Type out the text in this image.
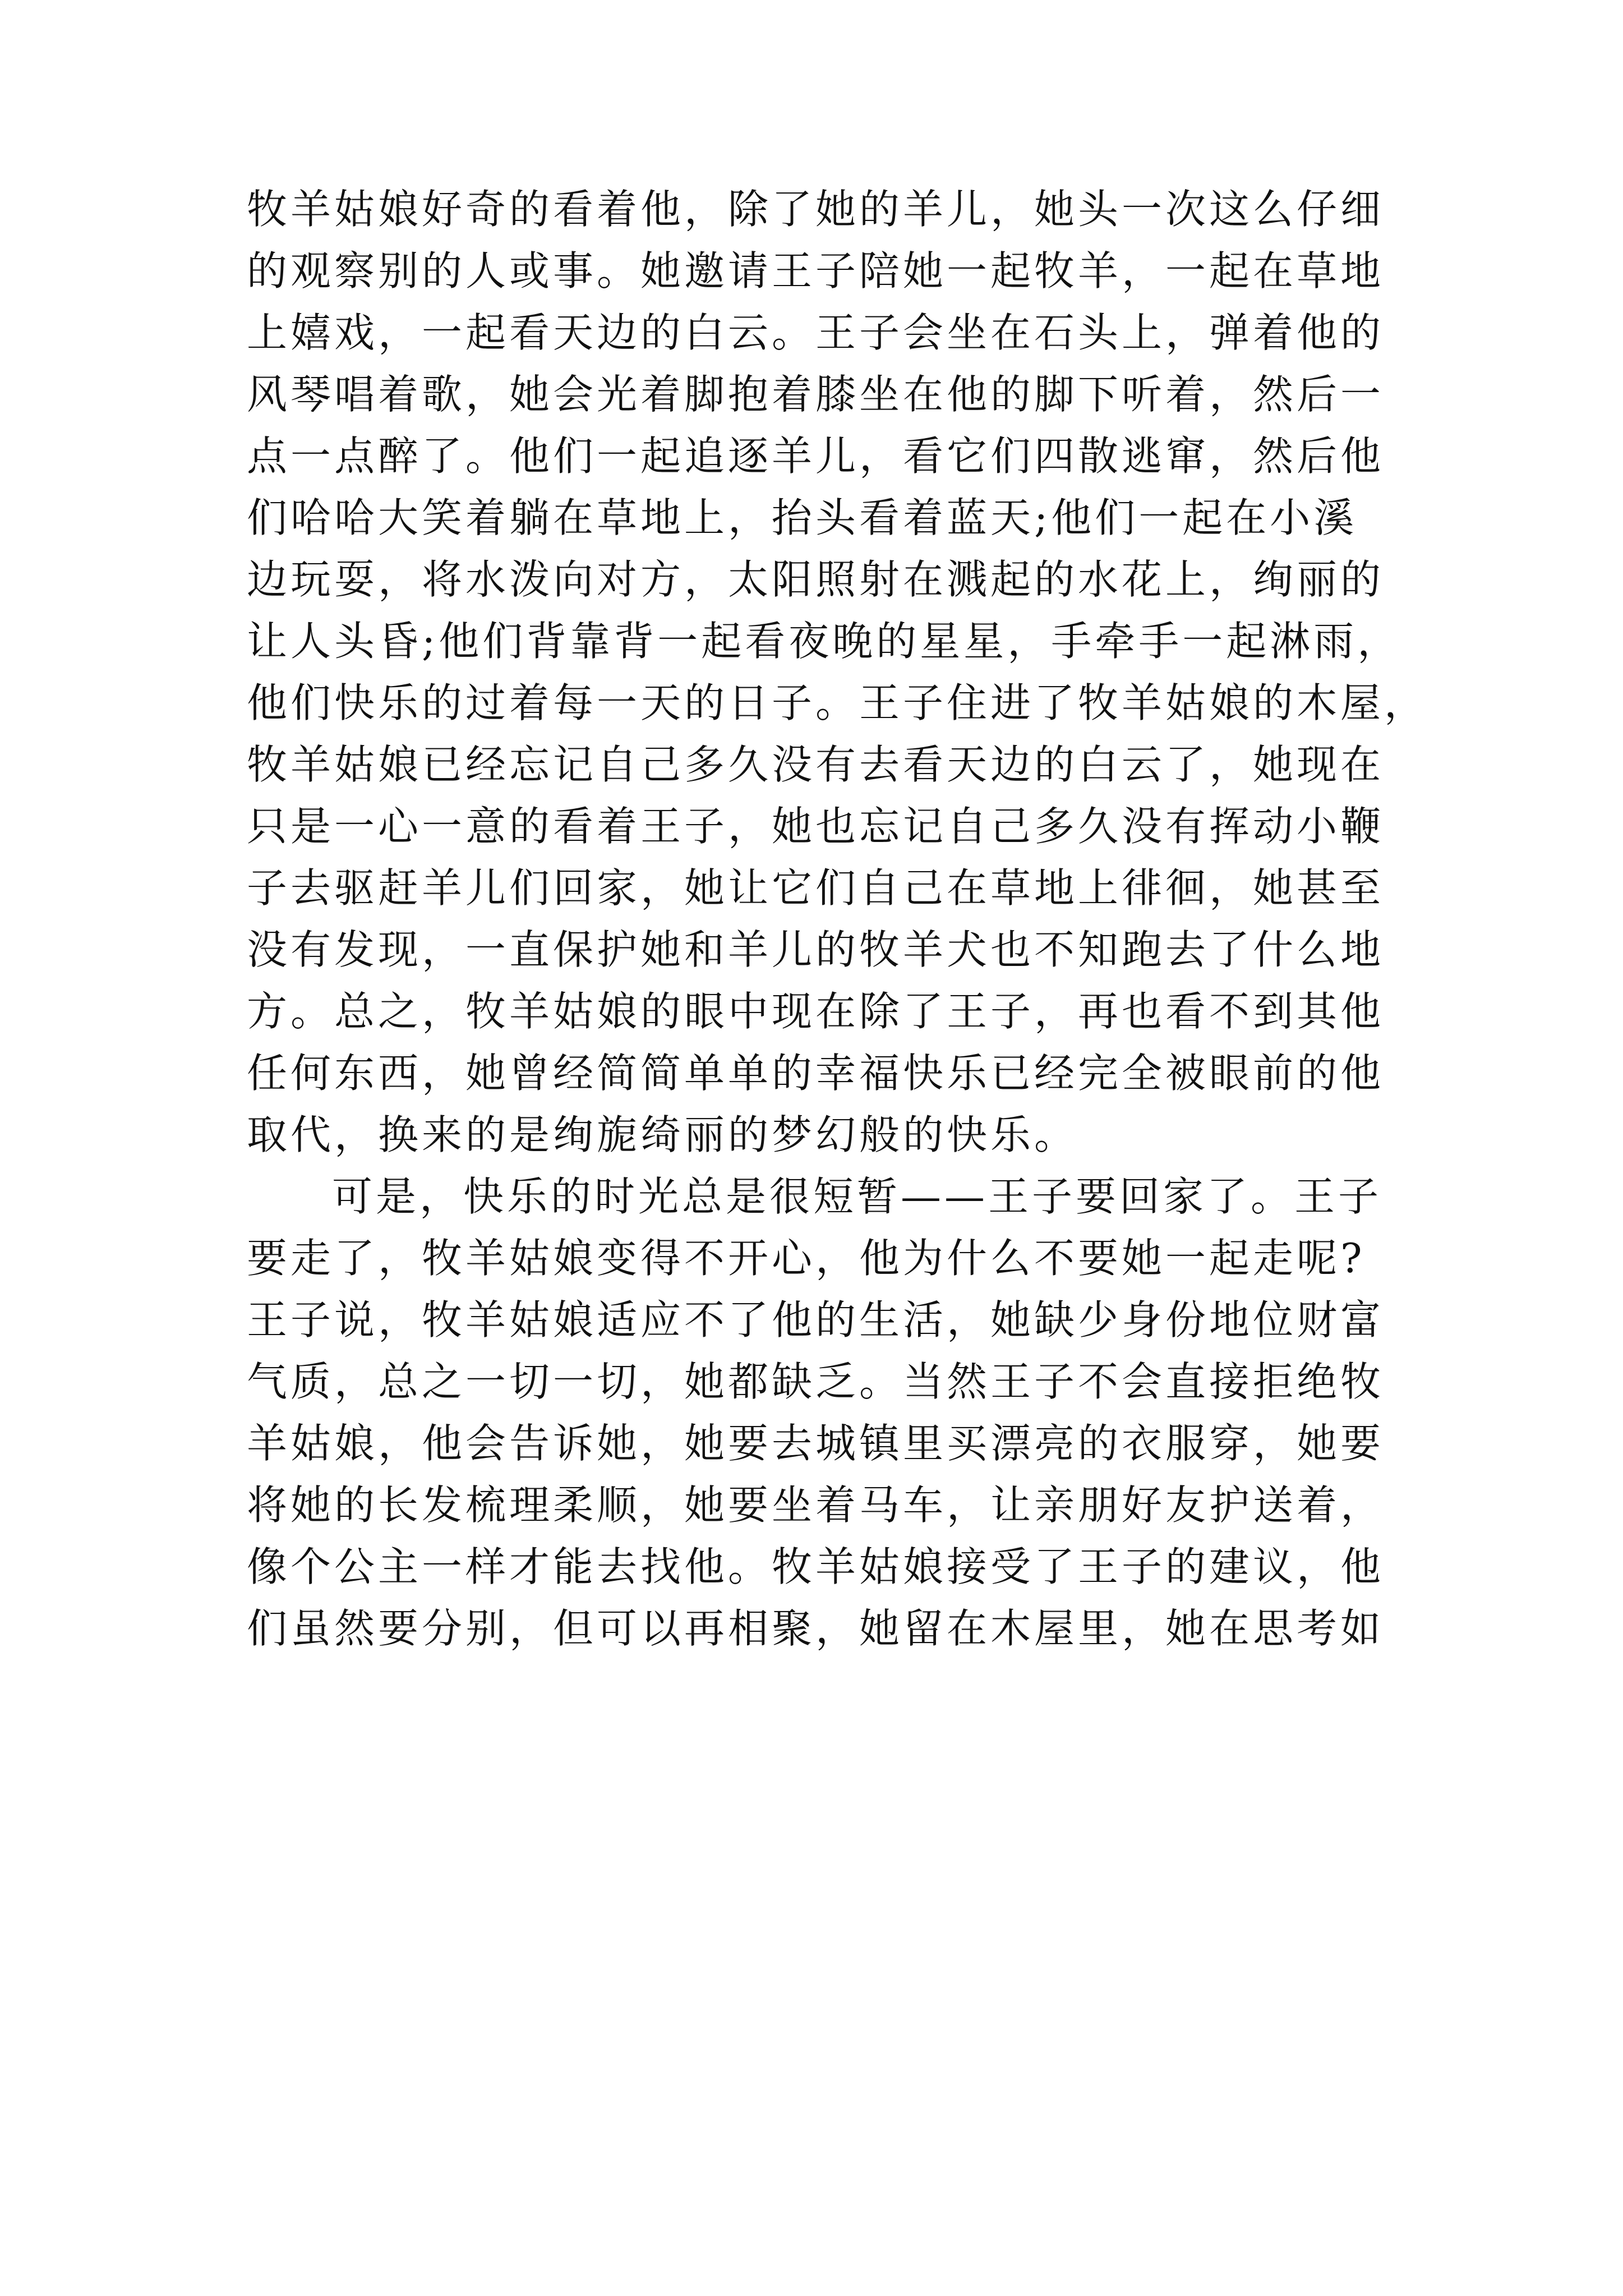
牧羊姑娘好奇的看着他，除了她的羊儿，她头一次这么仔细
的观察别的人或事。她邀请王子陪她一起牧羊，一起在草地
上嬉戏，一起看天边的白云。王子会坐在石头上，弹着他的
风琴唱着歌，她会光着脚抱着膝坐在他的脚下听着，然后一
点一点醉了。他们一起追逐羊儿，看它们四散逃窜，然后他
们哈哈大笑着躺在草地上，抬头看着蓝天;他们一起在小溪
边玩耍，将水泼向对方，太阳照射在溅起的水花上，绚丽的
让人头昏;他们背靠背一起看夜晚的星星，手牵手一起淋雨，
他们快乐的过着每一天的日子。王子住进了牧羊姑娘的木屋，
牧羊姑娘已经忘记自己多久没有去看天边的白云了，她现在
只是一心一意的看着王子，她也忘记自己多久没有挥动小鞭
子去驱赶羊儿们回家，她让它们自己在草地上徘徊，她甚至
没有发现，一直保护她和羊儿的牧羊犬也不知跑去了什么地
方。总之，牧羊姑娘的眼中现在除了王子，再也看不到其他
任何东西，她曾经简简单单的幸福快乐已经完全被眼前的他
取代，换来的是绚旎绮丽的梦幻般的快乐。
可是，快乐的时光总是很短暂——王子要回家了。王子
要走了，牧羊姑娘变得不开心，他为什么不要她一起走呢?
王子说，牧羊姑娘适应不了他的生活，她缺少身份地位财富
气质，总之一切一切，她都缺乏。当然王子不会直接拒绝牧
羊姑娘，他会告诉她，她要去城镇里买漂亮的衣服穿，她要
将她的长发梳理柔顺，她要坐着马车，让亲朋好友护送着，
像个公主一样才能去找他。牧羊姑娘接受了王子的建议，他
们虽然要分别，但可以再相聚，她留在木屋里，她在思考如
